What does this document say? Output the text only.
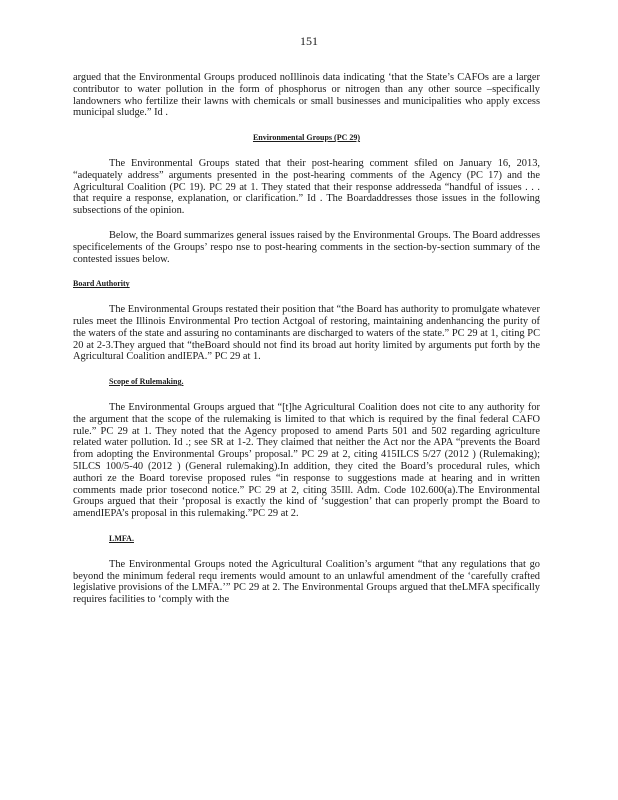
151

argued that the Environmental Groups produced noIllinois data indicating ‘that the State’s CAFOs are a larger contributor to water pollution in the form of phosphorus or nitrogen than any other source –specifically landowners who fertilize their lawns with chemicals or small businesses and municipalities who apply excess municipal sludge.” Id .

Environmental Groups (PC 29)

The Environmental Groups stated that their post-hearing comment sfiled on January 16, 2013, “adequately address” arguments presented in the post-hearing comments of the Agency (PC 17) and the Agricultural Coalition (PC 19). PC 29 at 1. They stated that their response addresseda “handful of issues . . . that require a response, explanation, or clarification.” Id . The Boardaddresses those issues in the following subsections of the opinion.

Below, the Board summarizes general issues raised by the Environmental Groups. The Board addresses specificelements of the Groups’ respo nse to post-hearing comments in the section-by-section summary of the contested issues below.

Board Authority

The Environmental Groups restated their position that “the Board has authority to promulgate whatever rules meet the Illinois Environmental Pro tection Actgoal of restoring, maintaining andenhancing the purity of the waters of the state and assuring no contaminants are discharged to waters of the state.” PC 29 at 1, citing PC 20 at 2-3.They argued that “theBoard should not find its broad aut hority limited by arguments put forth by the Agricultural Coalition andIEPA.” PC 29 at 1.

Scope of Rulemaking.

The Environmental Groups argued that “[t]he Agricultural Coalition does not cite to any authority for the argument that the scope of the rulemaking is limited to that which is required by the final federal CAFO rule.” PC 29 at 1. They noted that the Agency proposed to amend Parts 501 and 502 regarding agriculture related water pollution. Id .; see SR at 1-2. They claimed that neither the Act nor the APA “prevents the Board from adopting the Environmental Groups’ proposal.” PC 29 at 2, citing 415ILCS 5/27 (2012 ) (Rulemaking); 5ILCS 100/5-40 (2012 ) (General rulemaking).In addition, they cited the Board’s procedural rules, which authori ze the Board torevise proposed rules “in response to suggestions made at hearing and in written comments made prior tosecond notice.” PC 29 at 2, citing 35Ill. Adm. Code 102.600(a).The Environmental Groups argued that their ‘proposal is exactly the kind of ‘suggestion’ that can properly prompt the Board to amendIEPA’s proposal in this rulemaking.”PC 29 at 2.

LMFA.

The Environmental Groups noted the Agricultural Coalition’s argument “that any regulations that go beyond the minimum federal requ irements would amount to an unlawful amendment of the ‘carefully crafted legislative provisions of the LMFA.’” PC 29 at 2. The Environmental Groups argued that theLMFA specifically requires facilities to ‘comply with the
